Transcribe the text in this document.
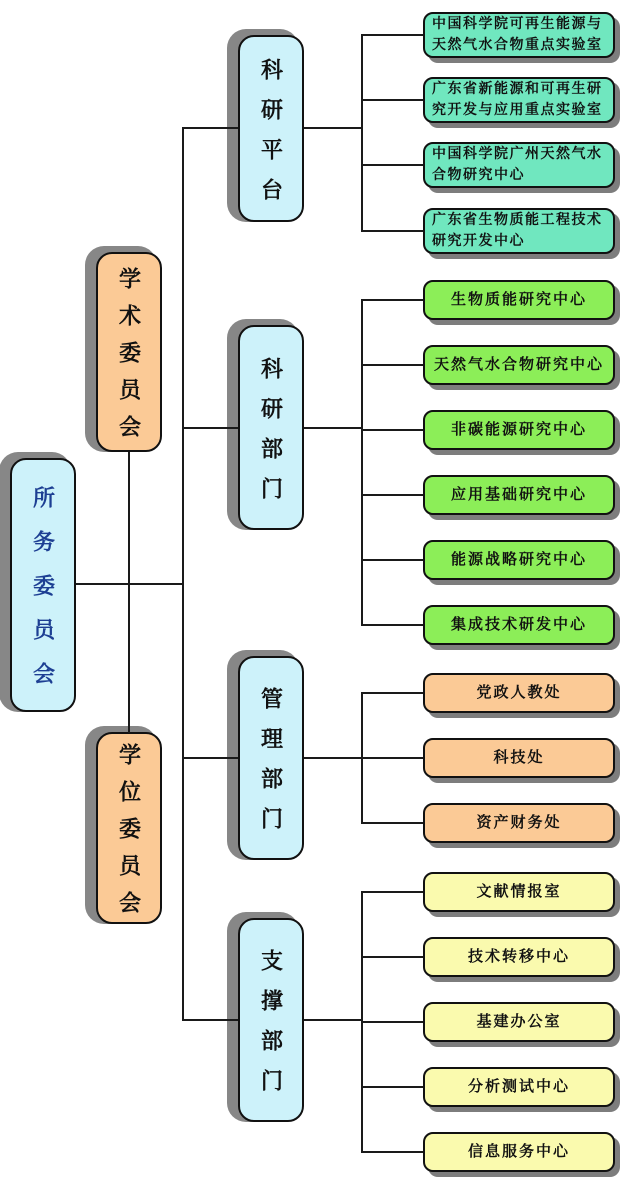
所务委员会
学术委员会
学位委员会
科研平台
科研部门
管理部门
支撑部门
中国科学院可再生能源与天然气水合物重点实验室
广东省新能源和可再生研究开发与应用重点实验室
中国科学院广州天然气水合物研究中心
广东省生物质能工程技术研究开发中心
生物质能研究中心
天然气水合物研究中心
非碳能源研究中心
应用基础研究中心
能源战略研究中心
集成技术研发中心
党政人教处
科技处
资产财务处
文献情报室
技术转移中心
基建办公室
分析测试中心
信息服务中心
